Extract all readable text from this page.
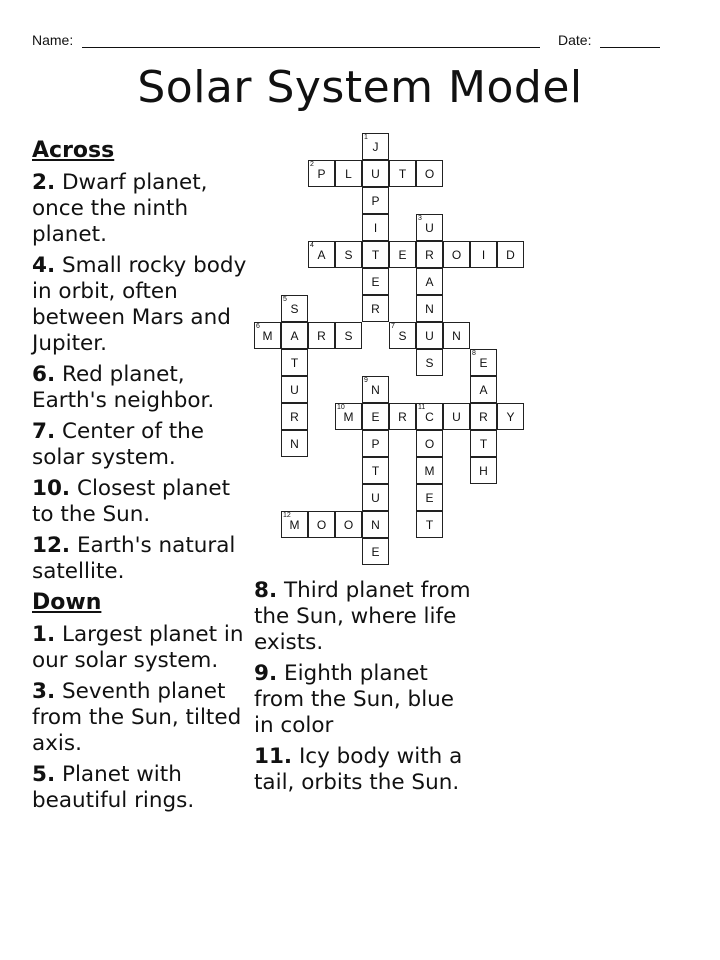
Name:	Date:
Solar System Model
Across
2. Dwarf planet, once the ninth planet.
4. Small rocky body in orbit, often between Mars and Jupiter.
6. Red planet, Earth's neighbor.
7. Center of the solar system.
10. Closest planet to the Sun.
12. Earth's natural satellite.
Down
1. Largest planet in our solar system.
3. Seventh planet from the Sun, tilted axis.
5. Planet with beautiful rings.
8. Third planet from the Sun, where life exists.
9. Eighth planet from the Sun, blue in color
11. Icy body with a tail, orbits the Sun.
J
1
U
P
I
T
E
R
P
2
L	T O
U
3
R
A
N
U
S
A
4
S	E	O I D
S
5
A
T
U
R
N
M
6
R S	S
7
N
E
8
A
R
T
H
N
9
E
P
T
U
N
E
M
10
R C
11
U	Y
O
M
E
T
M
12
O O
